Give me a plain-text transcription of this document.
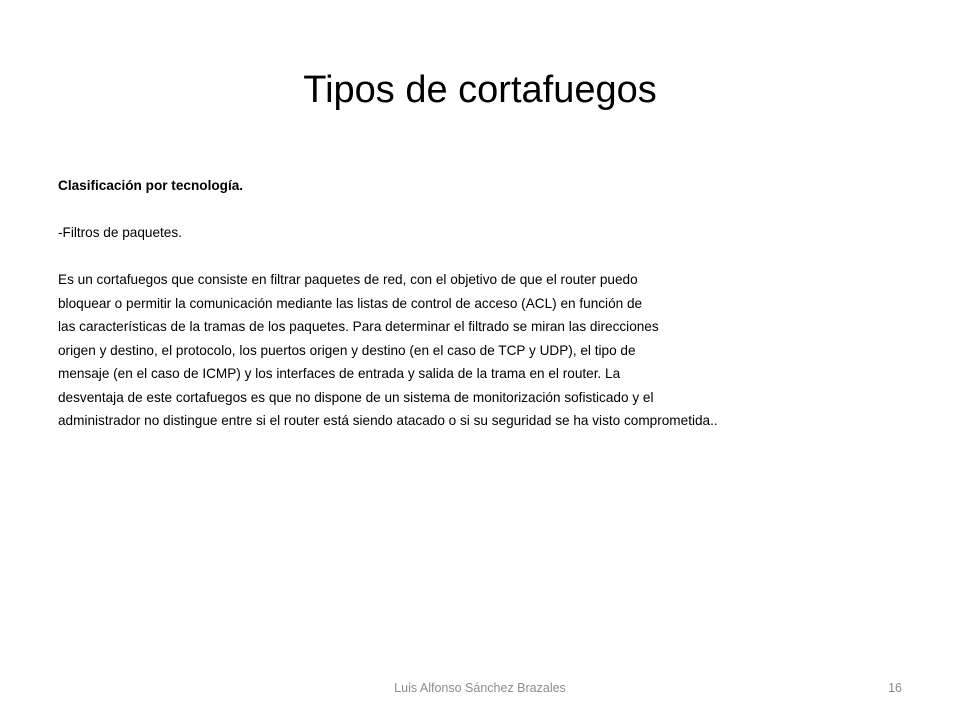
Tipos de cortafuegos

Clasificación por tecnología.

-Filtros de paquetes.

Es un cortafuegos que consiste en filtrar paquetes de red, con el objetivo de que el router puedo

bloquear o permitir la comunicación mediante las listas de control de acceso (ACL) en función de

las características de la tramas de los paquetes. Para determinar el filtrado se miran las direcciones

origen y destino, el protocolo, los puertos origen y destino (en el caso de TCP y UDP), el tipo de

mensaje (en el caso de ICMP) y los interfaces de entrada y salida de la trama en el router. La

desventaja de este cortafuegos es que no dispone de un sistema de monitorización sofisticado y el

administrador no distingue entre si el router está siendo atacado o si su seguridad se ha visto comprometida..

Luis Alfonso Sánchez Brazales	16
